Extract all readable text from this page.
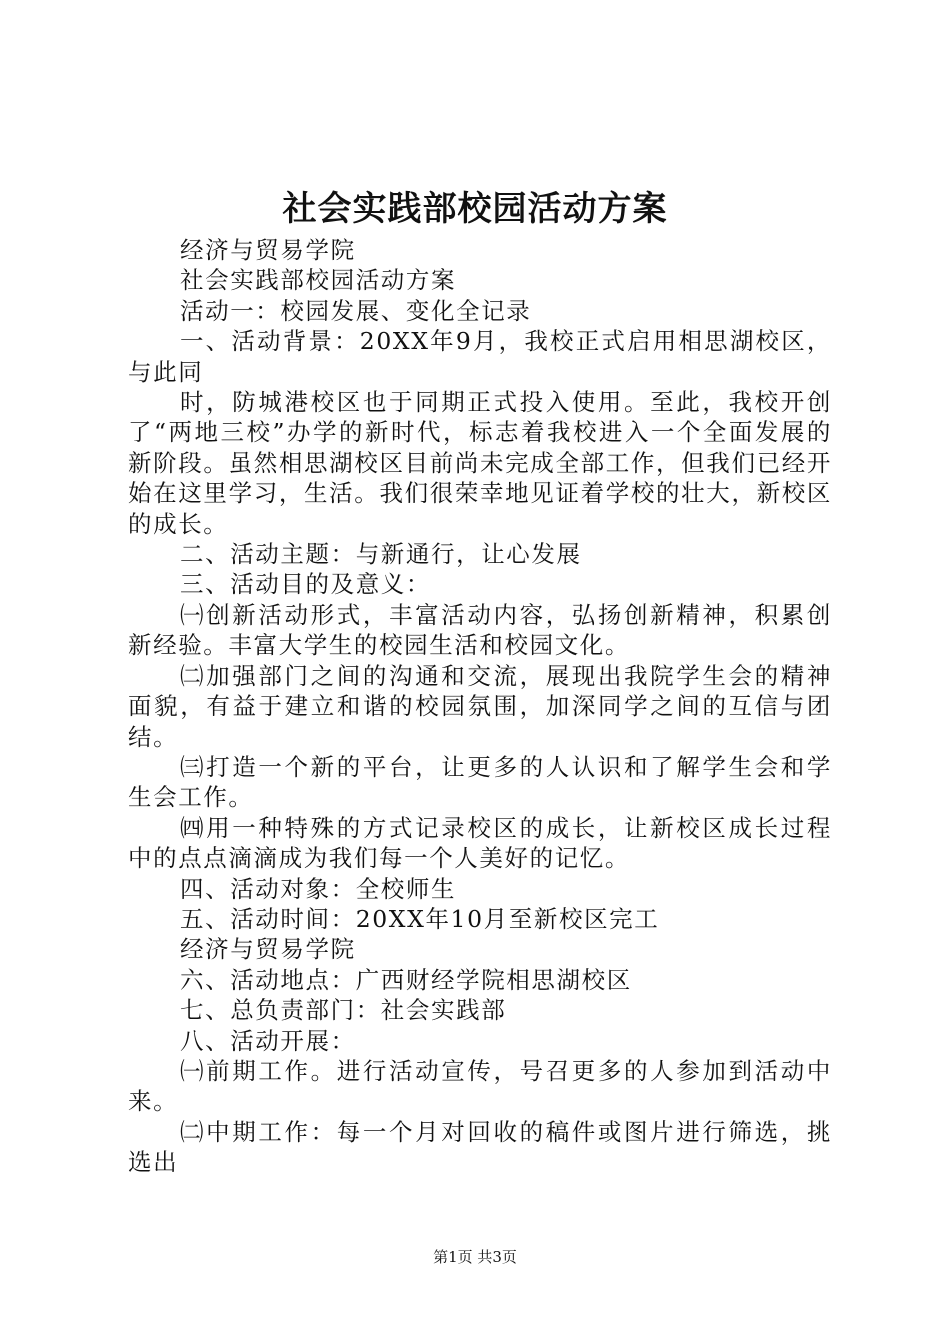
社会实践部校园活动方案

经济与贸易学院

社会实践部校园活动方案

活动一：校园发展、变化全记录

一、活动背景：20XX年9月，我校正式启用相思湖校区，与此同

时，防城港校区也于同期正式投入使用。至此，我校开创了“两地三校”办学的新时代，标志着我校进入一个全面发展的新阶段。虽然相思湖校区目前尚未完成全部工作，但我们已经开始在这里学习，生活。我们很荣幸地见证着学校的壮大，新校区的成长。

二、活动主题：与新通行，让心发展

三、活动目的及意义：

㈠创新活动形式，丰富活动内容，弘扬创新精神，积累创新经验。丰富大学生的校园生活和校园文化。

㈡加强部门之间的沟通和交流，展现出我院学生会的精神面貌，有益于建立和谐的校园氛围，加深同学之间的互信与团结。

㈢打造一个新的平台，让更多的人认识和了解学生会和学生会工作。

㈣用一种特殊的方式记录校区的成长，让新校区成长过程中的点点滴滴成为我们每一个人美好的记忆。

四、活动对象：全校师生

五、活动时间：20XX年10月至新校区完工

经济与贸易学院

六、活动地点：广西财经学院相思湖校区

七、总负责部门：社会实践部

八、活动开展：

㈠前期工作。进行活动宣传，号召更多的人参加到活动中来。

㈡中期工作：每一个月对回收的稿件或图片进行筛选，挑选出

第1页 共3页
